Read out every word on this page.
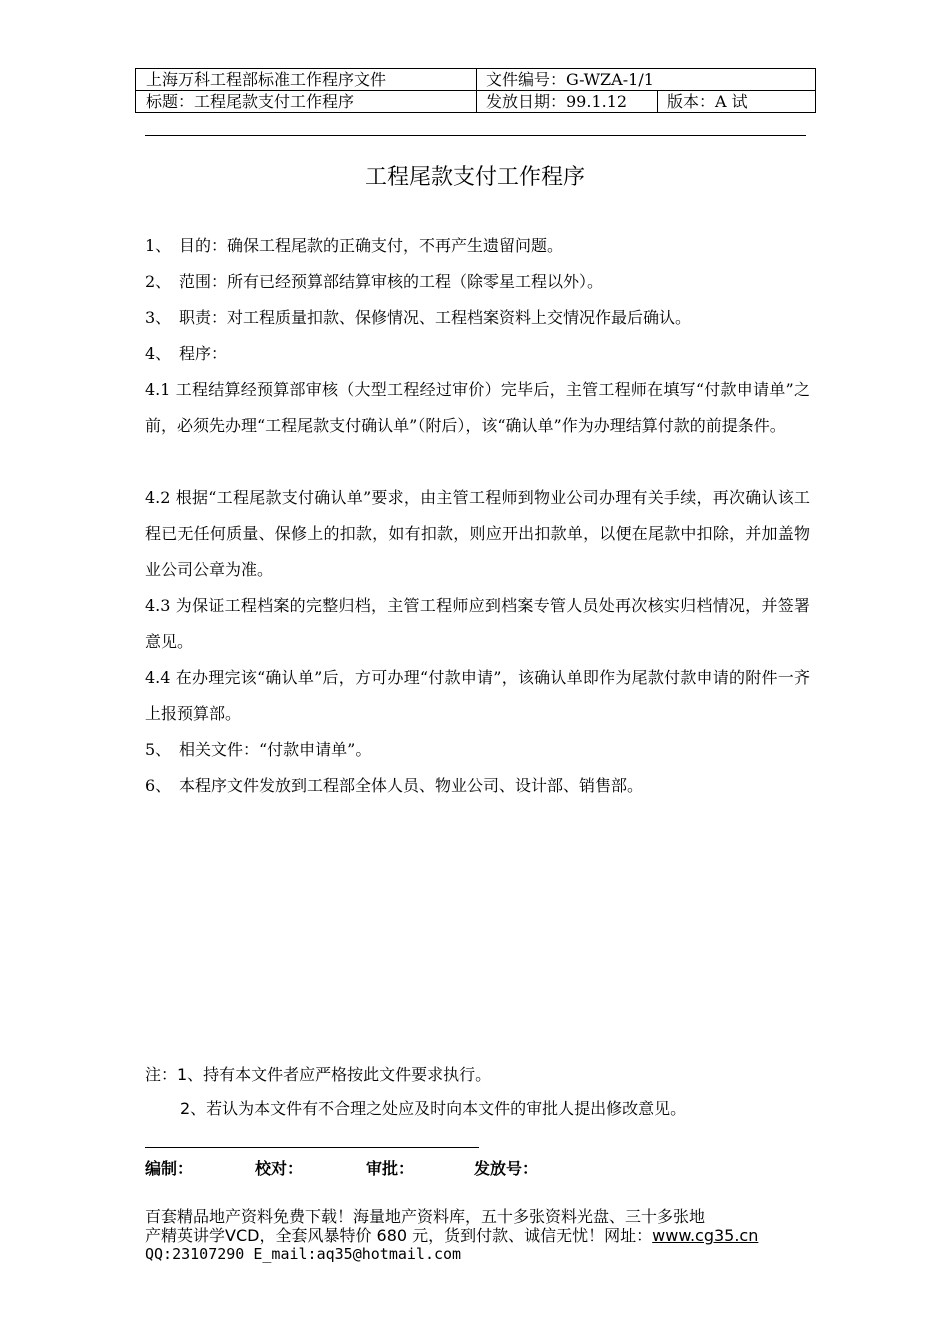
上海万科工程部标准工作程序文件	文件编号：G-WZA-1/1
标题：工程尾款支付工作程序	发放日期：99.1.12	版本：A 试
工程尾款支付工作程序

1、 目的：确保工程尾款的正确支付，不再产生遗留问题。

2、 范围：所有已经预算部结算审核的工程（除零星工程以外）。

3、 职责：对工程质量扣款、保修情况、工程档案资料上交情况作最后确认。

4、 程序：

4.1 工程结算经预算部审核（大型工程经过审价）完毕后，主管工程师在填写“付款申请单”之前，必须先办理“工程尾款支付确认单”（附后），该“确认单”作为办理结算付款的前提条件。

4.2 根据“工程尾款支付确认单”要求，由主管工程师到物业公司办理有关手续，再次确认该工程已无任何质量、保修上的扣款，如有扣款，则应开出扣款单，以便在尾款中扣除，并加盖物业公司公章为准。

4.3 为保证工程档案的完整归档，主管工程师应到档案专管人员处再次核实归档情况，并签署意见。

4.4 在办理完该“确认单”后，方可办理“付款申请”，该确认单即作为尾款付款申请的附件一齐上报预算部。

5、 相关文件：“付款申请单”。

6、 本程序文件发放到工程部全体人员、物业公司、设计部、销售部。

注：1、持有本文件者应严格按此文件要求执行。
2、若认为本文件有不合理之处应及时向本文件的审批人提出修改意见。
编制：	校对：	审批：	发放号：
百套精品地产资料免费下载！海量地产资料库，五十多张资料光盘、三十多张地
产精英讲学VCD，全套风暴特价 680 元，货到付款、诚信无忧！网址：www.cg35.cn
QQ:23107290 E_mail:aq35@hotmail.com
